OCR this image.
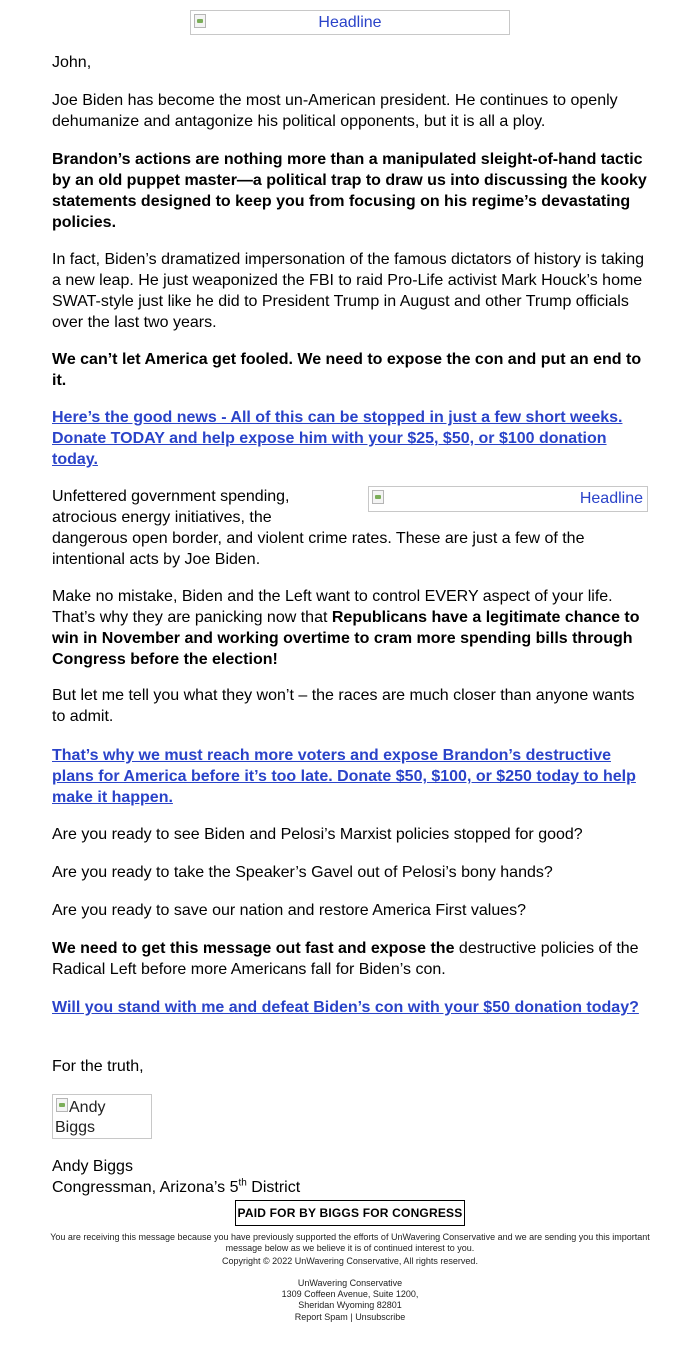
Headline

John,

Joe Biden has become the most un-American president. He continues to openly dehumanize and antagonize his political opponents, but it is all a ploy.

Brandon’s actions are nothing more than a manipulated sleight-of-hand tactic by an old puppet master—a political trap to draw us into discussing the kooky statements designed to keep you from focusing on his regime’s devastating policies.

In fact, Biden’s dramatized impersonation of the famous dictators of history is taking a new leap. He just weaponized the FBI to raid Pro-Life activist Mark Houck’s home SWAT-style just like he did to President Trump in August and other Trump officials over the last two years.

We can’t let America get fooled. We need to expose the con and put an end to it.

Here’s the good news - All of this can be stopped in just a few short weeks. Donate TODAY and help expose him with your $25, $50, or $100 donation today.

Unfettered government spending,
atrocious energy initiatives, the
dangerous open border, and violent crime rates. These are just a few of the intentional acts by Joe Biden.

Make no mistake, Biden and the Left want to control EVERY aspect of your life. That’s why they are panicking now that Republicans have a legitimate chance to win in November and working overtime to cram more spending bills through Congress before the election!

But let me tell you what they won’t – the races are much closer than anyone wants to admit.

That’s why we must reach more voters and expose Brandon’s destructive plans for America before it’s too late. Donate $50, $100, or $250 today to help make it happen.

Are you ready to see Biden and Pelosi’s Marxist policies stopped for good?

Are you ready to take the Speaker’s Gavel out of Pelosi’s bony hands?

Are you ready to save our nation and restore America First values?

We need to get this message out fast and expose the destructive policies of the Radical Left before more Americans fall for Biden’s con.

Will you stand with me and defeat Biden’s con with your $50 donation today?

For the truth,

Andy Biggs
Congressman, Arizona’s 5th District

Headline
Andy Biggs
PAID FOR BY BIGGS FOR CONGRESS
You are receiving this message because you have previously supported the efforts of UnWavering Conservative and we are sending you this important message below as we believe it is of continued interest to you.
Copyright © 2022 UnWavering Conservative, All rights reserved.
UnWavering Conservative
1309 Coffeen Avenue, Suite 1200,
Sheridan Wyoming 82801
Report Spam | Unsubscribe
